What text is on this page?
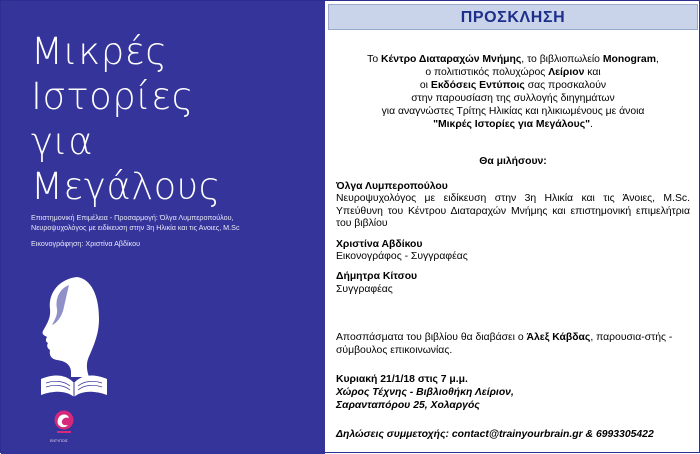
Μικρές
Ιστορίες
για
Μεγάλους
Επιστημονική Επιμέλεια - Προσαρμογή: Όλγα Λυμπεροπούλου,
Νευροψυχολόγος με ειδίκευση στην 3η Ηλικία και τις Ανοιες, M.Sc
Εικονογράφηση: Χριστίνα Αβδίκου
ΕΝΤΥΠΟΙΣ
ΠΡΟΣΚΛΗΣΗ
Το Κέντρο Διαταραχών Μνήμης, το βιβλιοπωλείο Monogram,
ο πολιτιστικός πολυχώρος Λείριον και
οι Εκδόσεις Εντύποις σας προσκαλούν
στην παρουσίαση της συλλογής διηγημάτων
για αναγνώστες Τρίτης Ηλικίας και ηλικιωμένους με άνοια
"Μικρές Ιστορίες για Μεγάλους".
Θα μιλήσουν:
Όλγα Λυμπεροπούλου
Νευροψυχολόγος με ειδίκευση στην 3η Ηλικία και τις Άνοιες, M.Sc. Υπεύθυνη του Κέντρου Διαταραχών Μνήμης και επιστημονική επιμελήτρια του βιβλίου
Χριστίνα Αβδίκου
Εικονογράφος - Συγγραφέας
Δήμητρα Κίτσου
Συγγραφέας
Αποσπάσματα του βιβλίου θα διαβάσει ο Άλεξ Κάβδας, παρουσια-στής - σύμβουλος επικοινωνίας.
Κυριακή 21/1/18 στις 7 μ.μ.
Χώρος Τέχνης - Βιβλιοθήκη Λείριον,
Σαρανταπόρου 25, Χολαργός
Δηλώσεις συμμετοχής: contact@trainyourbrain.gr & 6993305422
